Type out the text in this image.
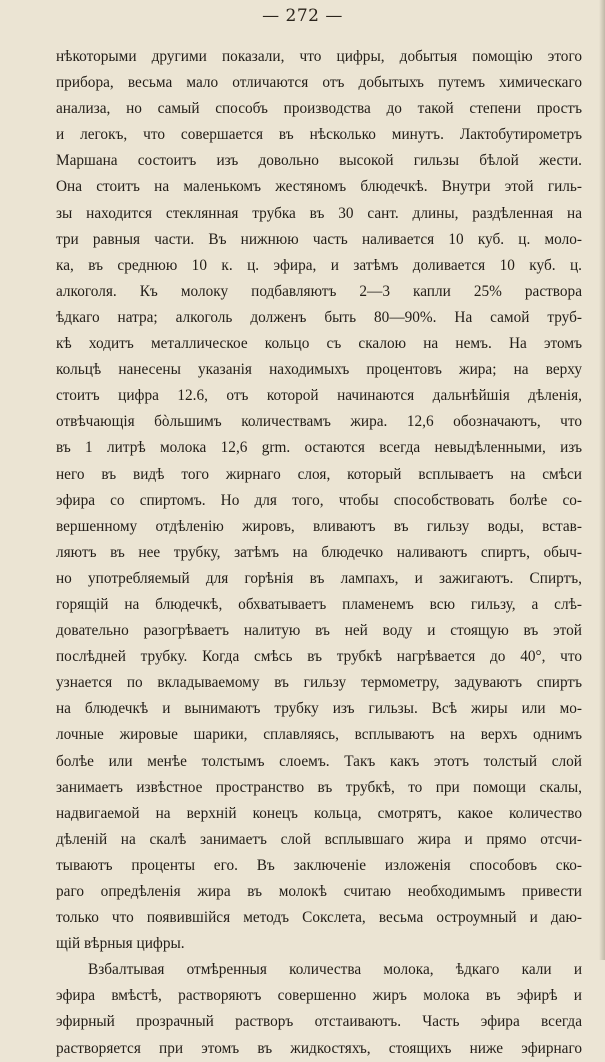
— 272 —
нѣкоторыми другими показали, что цифры, добытыя помощію этого
прибора, весьма мало отличаются отъ добытыхъ путемъ химическаго
анализа, но самый способъ производства до такой степени простъ
и легокъ, что совершается въ нѣсколько минутъ. Лактобутирометръ
Маршана состоитъ изъ довольно высокой гильзы бѣлой жести.
Она стоитъ на маленькомъ жестяномъ блюдечкѣ. Внутри этой гиль-
зы находится стеклянная трубка въ 30 сант. длины, раздѣленная на
три равныя части. Въ нижнюю часть наливается 10 куб. ц. моло-
ка, въ среднюю 10 к. ц. эфира, и затѣмъ доливается 10 куб. ц.
алкоголя. Къ молоку подбавляютъ 2—3 капли 25% раствора
ѣдкаго натра; алкоголь долженъ быть 80—90%. На самой труб-
кѣ ходитъ металлическое кольцо съ скалою на немъ. На этомъ
кольцѣ нанесены указанія находимыхъ процентовъ жира; на верху
стоитъ цифра 12.6, отъ которой начинаются дальнѣйшія дѣленія,
отвѣчающія бòльшимъ количествамъ жира. 12,6 обозначаютъ, что
въ 1 литрѣ молока 12,6 grm. остаются всегда невыдѣленными, изъ
него въ видѣ того жирнаго слоя, который всплываетъ на смѣси
эфира со спиртомъ. Но для того, чтобы способствовать болѣе со-
вершенному отдѣленію жировъ, вливаютъ въ гильзу воды, встав-
ляютъ въ нее трубку, затѣмъ на блюдечко наливаютъ спиртъ, обыч-
но употребляемый для горѣнія въ лампахъ, и зажигаютъ. Спиртъ,
горящій на блюдечкѣ, обхватываетъ пламенемъ всю гильзу, а слѣ-
довательно разогрѣваетъ налитую въ ней воду и стоящую въ этой
послѣдней трубку. Когда смѣсь въ трубкѣ нагрѣвается до 40°, что
узнается по вкладываемому въ гильзу термометру, задуваютъ спиртъ
на блюдечкѣ и вынимаютъ трубку изъ гильзы. Всѣ жиры или мо-
лочные жировые шарики, сплавляясь, всплываютъ на верхъ однимъ
болѣе или менѣе толстымъ слоемъ. Такъ какъ этотъ толстый слой
занимаетъ извѣстное пространство въ трубкѣ, то при помощи скалы,
надвигаемой на верхній конецъ кольца, смотрятъ, какое количество
дѣленій на скалѣ занимаетъ слой всплывшаго жира и прямо отсчи-
тываютъ проценты его. Въ заключеніе изложенія способовъ ско-
раго опредѣленія жира въ молокѣ считаю необходимымъ привести
только что появившійся методъ Сокслета, весьма остроумный и даю-
щій вѣрныя цифры.
Взбалтывая отмѣренныя количества молока, ѣдкаго кали и
эфира вмѣстѣ, растворяютъ совершенно жиръ молока въ эфирѣ и
эфирный прозрачный растворъ отстаиваютъ. Часть эфира всегда
растворяется при этомъ въ жидкостяхъ, стоящихъ ниже эфирнаго
